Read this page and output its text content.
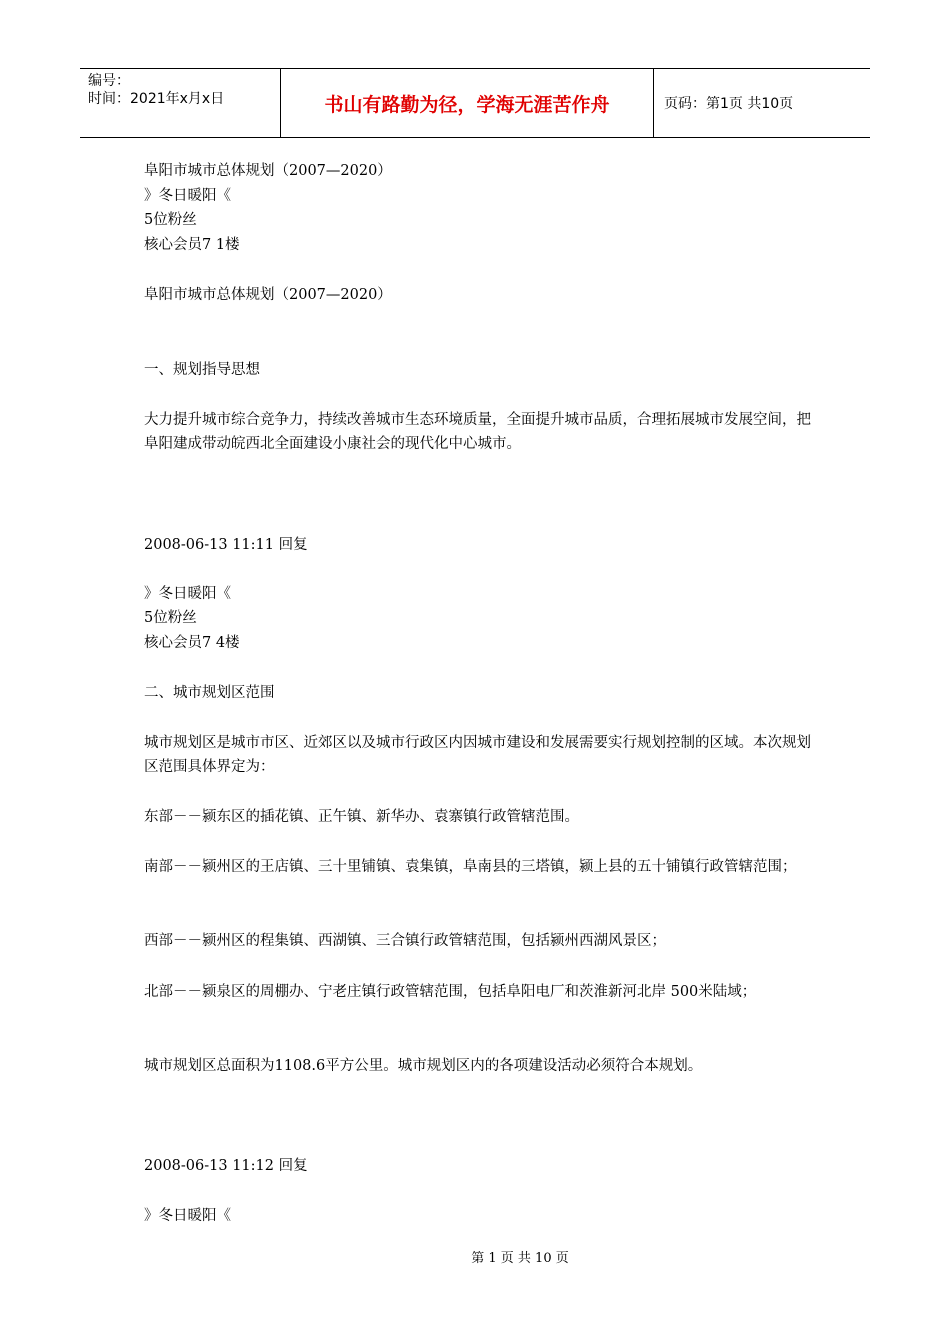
编号：
时间：2021年x月x日	书山有路勤为径，学海无涯苦作舟	页码：第1页 共10页
阜阳市城市总体规划（2007—2020）
》冬日暖阳《
5位粉丝
核心会员7 1楼
阜阳市城市总体规划（2007—2020）
一、规划指导思想
大力提升城市综合竞争力，持续改善城市生态环境质量，全面提升城市品质，合理拓展城市发展空间，把阜阳建成带动皖西北全面建设小康社会的现代化中心城市。
2008-06-13 11:11 回复
》冬日暖阳《
5位粉丝
核心会员7 4楼
二、城市规划区范围
城市规划区是城市市区、近郊区以及城市行政区内因城市建设和发展需要实行规划控制的区域。本次规划区范围具体界定为：
东部－－颍东区的插花镇、正午镇、新华办、袁寨镇行政管辖范围。
南部－－颍州区的王店镇、三十里铺镇、袁集镇，阜南县的三塔镇，颍上县的五十铺镇行政管辖范围；
西部－－颍州区的程集镇、西湖镇、三合镇行政管辖范围，包括颍州西湖风景区；
北部－－颍泉区的周棚办、宁老庄镇行政管辖范围，包括阜阳电厂和茨淮新河北岸 500米陆域；
城市规划区总面积为1108.6平方公里。城市规划区内的各项建设活动必须符合本规划。
2008-06-13 11:12 回复
》冬日暖阳《
第 1 页 共 10 页
